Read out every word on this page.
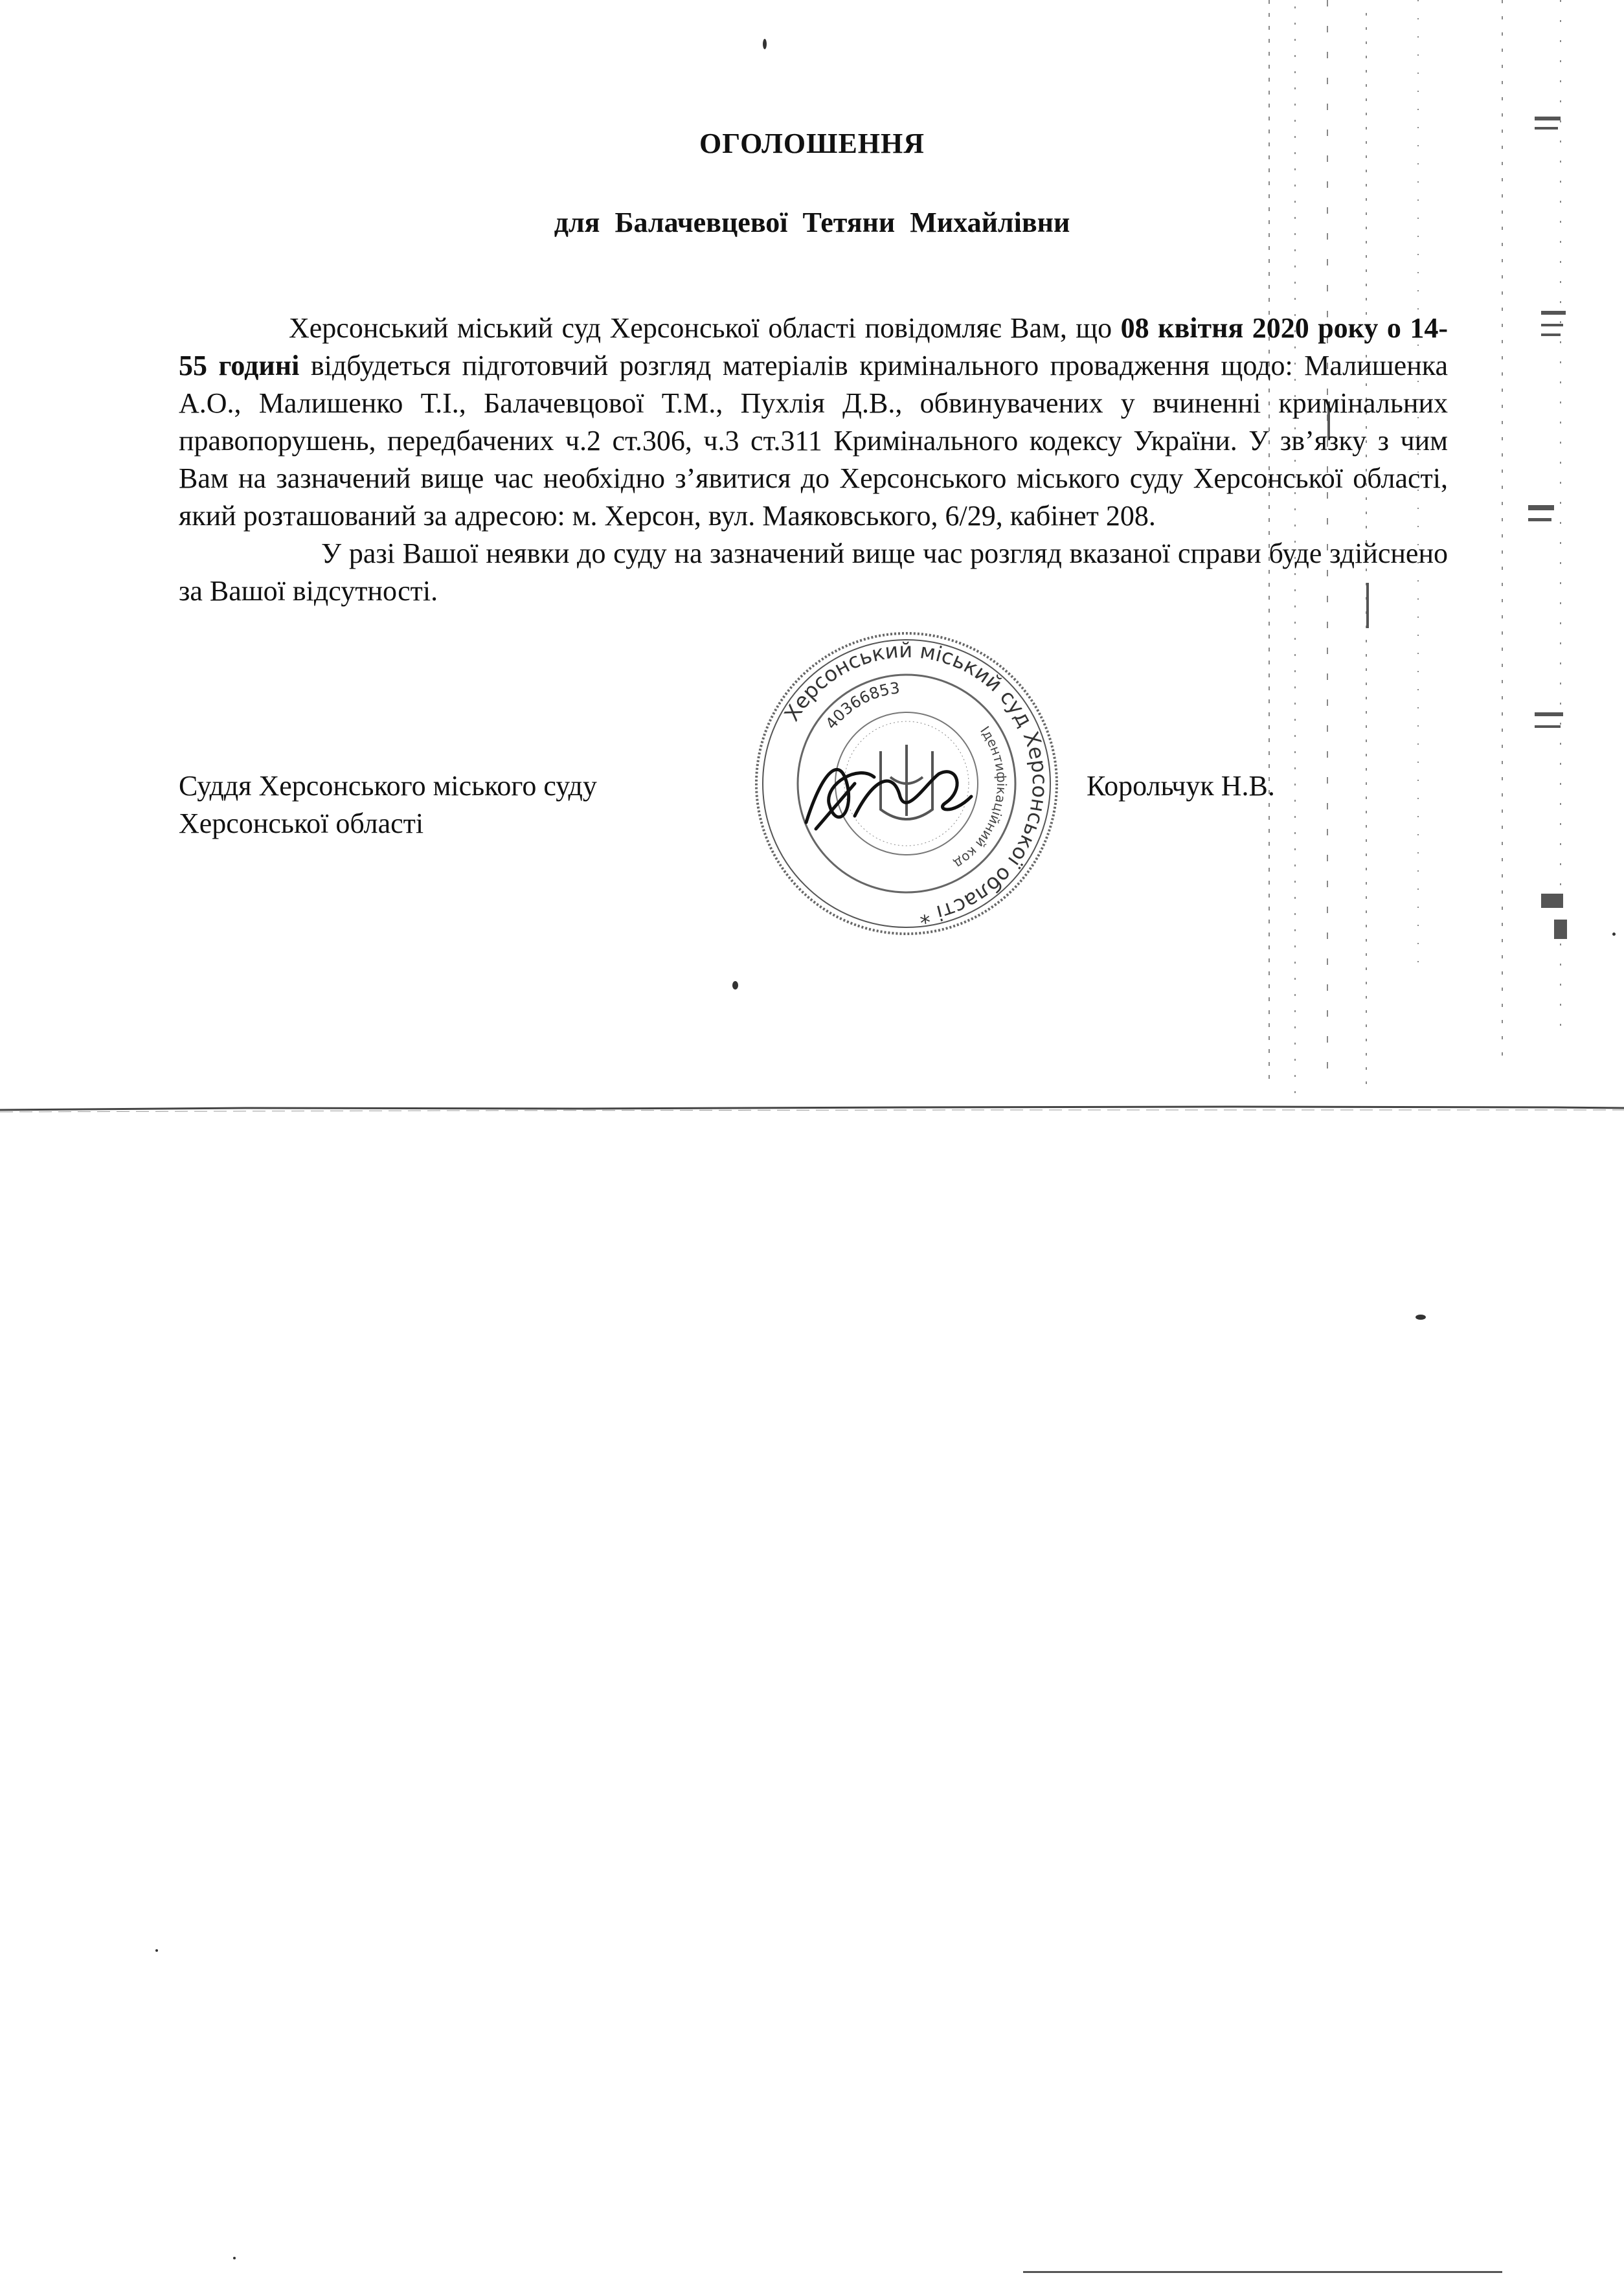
ОГОЛОШЕННЯ
для Балачевцевої Тетяни Михайлівни

Херсонський міський суд Херсонської області повідомляє Вам, що 08 квітня 2020 року о 14-55 годині відбудеться підготовчий розгляд матеріалів кримінального провадження щодо: Малишенка А.О., Малишенко Т.І., Балачевцової Т.М., Пухлія Д.В., обвинувачених у вчиненні кримінальних правопорушень, передбачених ч.2 ст.306, ч.3 ст.311 Кримінального кодексу України. У зв’язку з чим Вам на зазначений вище час необхідно з’явитися до Херсонського міського суду Херсонської області, який розташований за адресою: м. Херсон, вул. Маяковського, 6/29, кабінет 208.

У разі Вашої неявки до суду на зазначений вище час розгляд вказаної справи буде здійснено за Вашої відсутності.

Суддя Херсонського міського суду
Херсонської області
Корольчук Н.В.
Херсонський міський суд Херсонської області *
40366853
Ідентифікаційний код
